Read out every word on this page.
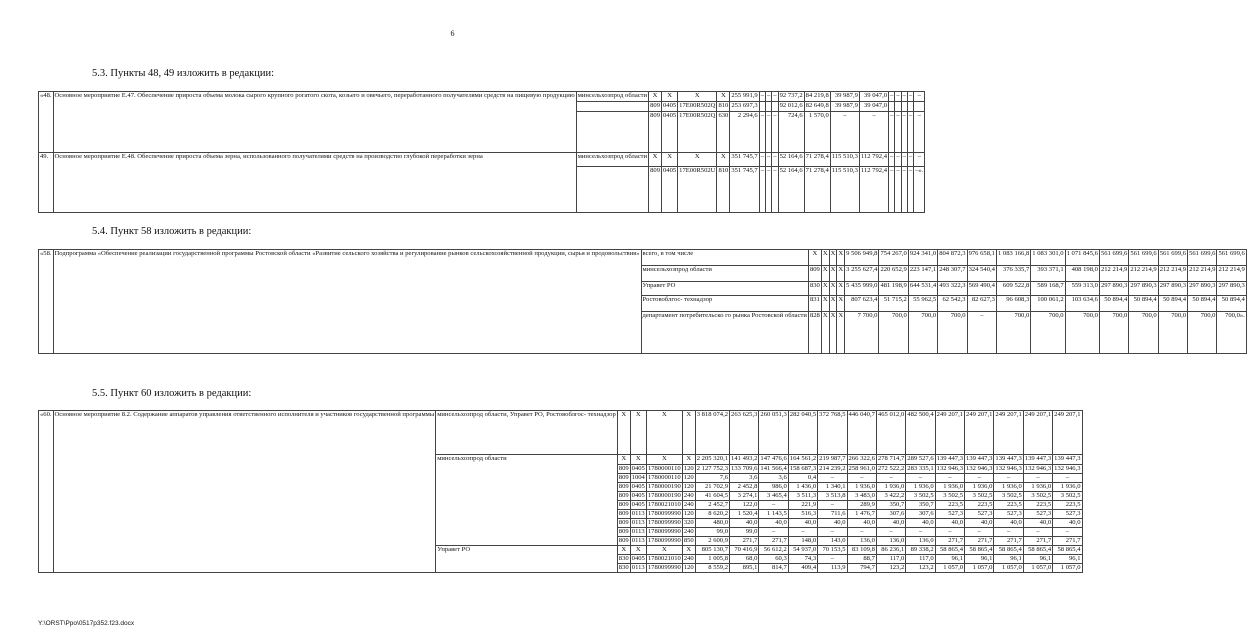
6
5.3. Пункты 48, 49 изложить в редакции:
«48.	Основное мероприятие Е.47. Обеспечение прироста объема молока сырого крупного рогатого скота, козьего и овечьего, переработанного получателями средств на пищевую продукцию	минсельхозпрод области	X	X	X	X	255 991,9	–	–	–	92 737,2	84 219,8	39 987,9	39 047,0	–	–	–	–	–
			809	0405	17E00R502Q	810	253 697,3				92 012,6	82 649,8	39 987,9	39 047,0					
			809	0405	17E00R502Q	630	2 294,6	–	–	–	724,6	1 570,0	–	–	–	–	–	–	–
49.	Основное мероприятие Е.48. Обеспечение прироста объема зерна, использованного получателями средств на производство глубокой переработки зерна	минсельхозпрод области	X	X	X	X	351 745,7	–	–	–	52 164,6	71 278,4	115 510,3	112 792,4	–	–	–	–	–
			809	0405	17E00R502U	810	351 745,7	–	–	–	52 164,6	71 278,4	115 510,3	112 792,4	–	–	–	–	–».
5.4. Пункт 58 изложить в редакции:
«58.	Подпрограмма «Обеспечение реализации государственной программы Ростовской области «Развитие сельского хозяйства и регулирование рынков сельскохозяйственной продукции, сырья и продовольствия»	всего, в том числе	X	X	X	X	9 506 949,8	754 267,0	924 341,0	804 872,3	976 658,1	1 083 166,8	1 083 301,0	1 071 845,6	561 699,6	561 699,6	561 699,6	561 699,6	561 699,6
		минсельхозпрод области	809	X	X	X	3 255 627,4	220 652,9	223 147,1	248 307,7	324 540,4	376 335,7	393 371,1	408 198,0	212 214,9	212 214,9	212 214,9	212 214,9	212 214,9
		Управет РО	830	X	X	X	5 435 999,0	481 198,9	644 531,4	493 322,3	569 490,4	609 522,8	589 168,7	559 313,0	297 890,3	297 890,3	297 890,3	297 890,3	297 890,3
		Ростовоблгос- технадзор	831	X	X	X	807 623,4	51 715,2	55 962,5	62 542,3	82 627,3	96 608,3	100 061,2	103 634,6	50 894,4	50 894,4	50 894,4	50 894,4	50 894,4
		департамент потребительско го рынка Ростовской области	828	X	X	X	7 700,0	700,0	700,0	700,0	–	700,0	700,0	700,0	700,0	700,0	700,0	700,0	700,0».
5.5. Пункт 60 изложить в редакции:
«60.	Основное мероприятие 8.2. Содержание аппаратов управления ответственного исполнителя и участников государственной программы	минсельхозпрод области, Управет РО, Ростовоблгос- технадзор	X	X	X	X	3 818 074,2	263 625,3	260 051,3	282 040,5	372 768,5	446 040,7	465 012,0	482 500,4	249 207,1	249 207,1	249 207,1	249 207,1	249 207,1
		минсельхозпрод области	X	X	X	X	2 205 320,1	141 493,2	147 476,6	164 561,2	219 987,7	266 322,6	278 714,7	289 527,6	139 447,3	139 447,3	139 447,3	139 447,3	139 447,3
			809	0405	1780000110	120	2 127 752,3	133 709,6	141 566,4	158 687,3	214 239,2	258 961,0	272 522,2	283 335,1	132 946,3	132 946,3	132 946,3	132 946,3	132 946,3
			809	1004	1780000110	120	7,6	3,6	3,6	0,4	–	–	–	–	–	–	–	–	–
			809	0405	1780000190	120	21 702,9	2 452,8	986,0	1 436,0	1 340,1	1 936,0	1 936,0	1 936,0	1 936,0	1 936,0	1 936,0	1 936,0	1 936,0
			809	0405	1780000190	240	41 604,5	3 274,1	3 465,4	3 511,3	3 513,8	3 483,0	3 422,2	3 502,5	3 502,5	3 502,5	3 502,5	3 502,5	3 502,5
			809	0405	1780021010	240	2 452,7	122,0	–	221,9	–	289,9	350,7	350,7	223,5	223,5	223,5	223,5	223,5
			809	0113	1780099990	120	8 620,2	1 520,4	1 143,5	516,3	711,6	1 476,7	307,6	307,6	527,3	527,3	527,3	527,3	527,3
			809	0113	1780099990	320	480,0	40,0	40,0	40,0	40,0	40,0	40,0	40,0	40,0	40,0	40,0	40,0	40,0
			809	0113	1780099990	240	99,0	99,0	–	–	–	–	–	–	–	–	–	–	–
			809	0113	1780099990	850	2 600,9	271,7	271,7	148,0	143,0	136,0	136,0	136,0	271,7	271,7	271,7	271,7	271,7
		Управет РО	X	X	X	X	805 130,7	70 416,9	56 612,2	54 937,0	70 153,5	83 109,8	86 236,1	89 338,2	58 865,4	58 865,4	58 865,4	58 865,4	58 865,4
			830	0405	1780021010	240	1 005,8	68,0	60,3	74,3	–	88,7	117,0	117,0	96,1	96,1	96,1	96,1	96,1
			830	0113	1780099990	120	8 559,2	895,1	814,7	409,4	113,9	794,7	123,2	123,2	1 057,0	1 057,0	1 057,0	1 057,0	1 057,0
Y:\ORST\Ppo\0517p352.f23.docx
